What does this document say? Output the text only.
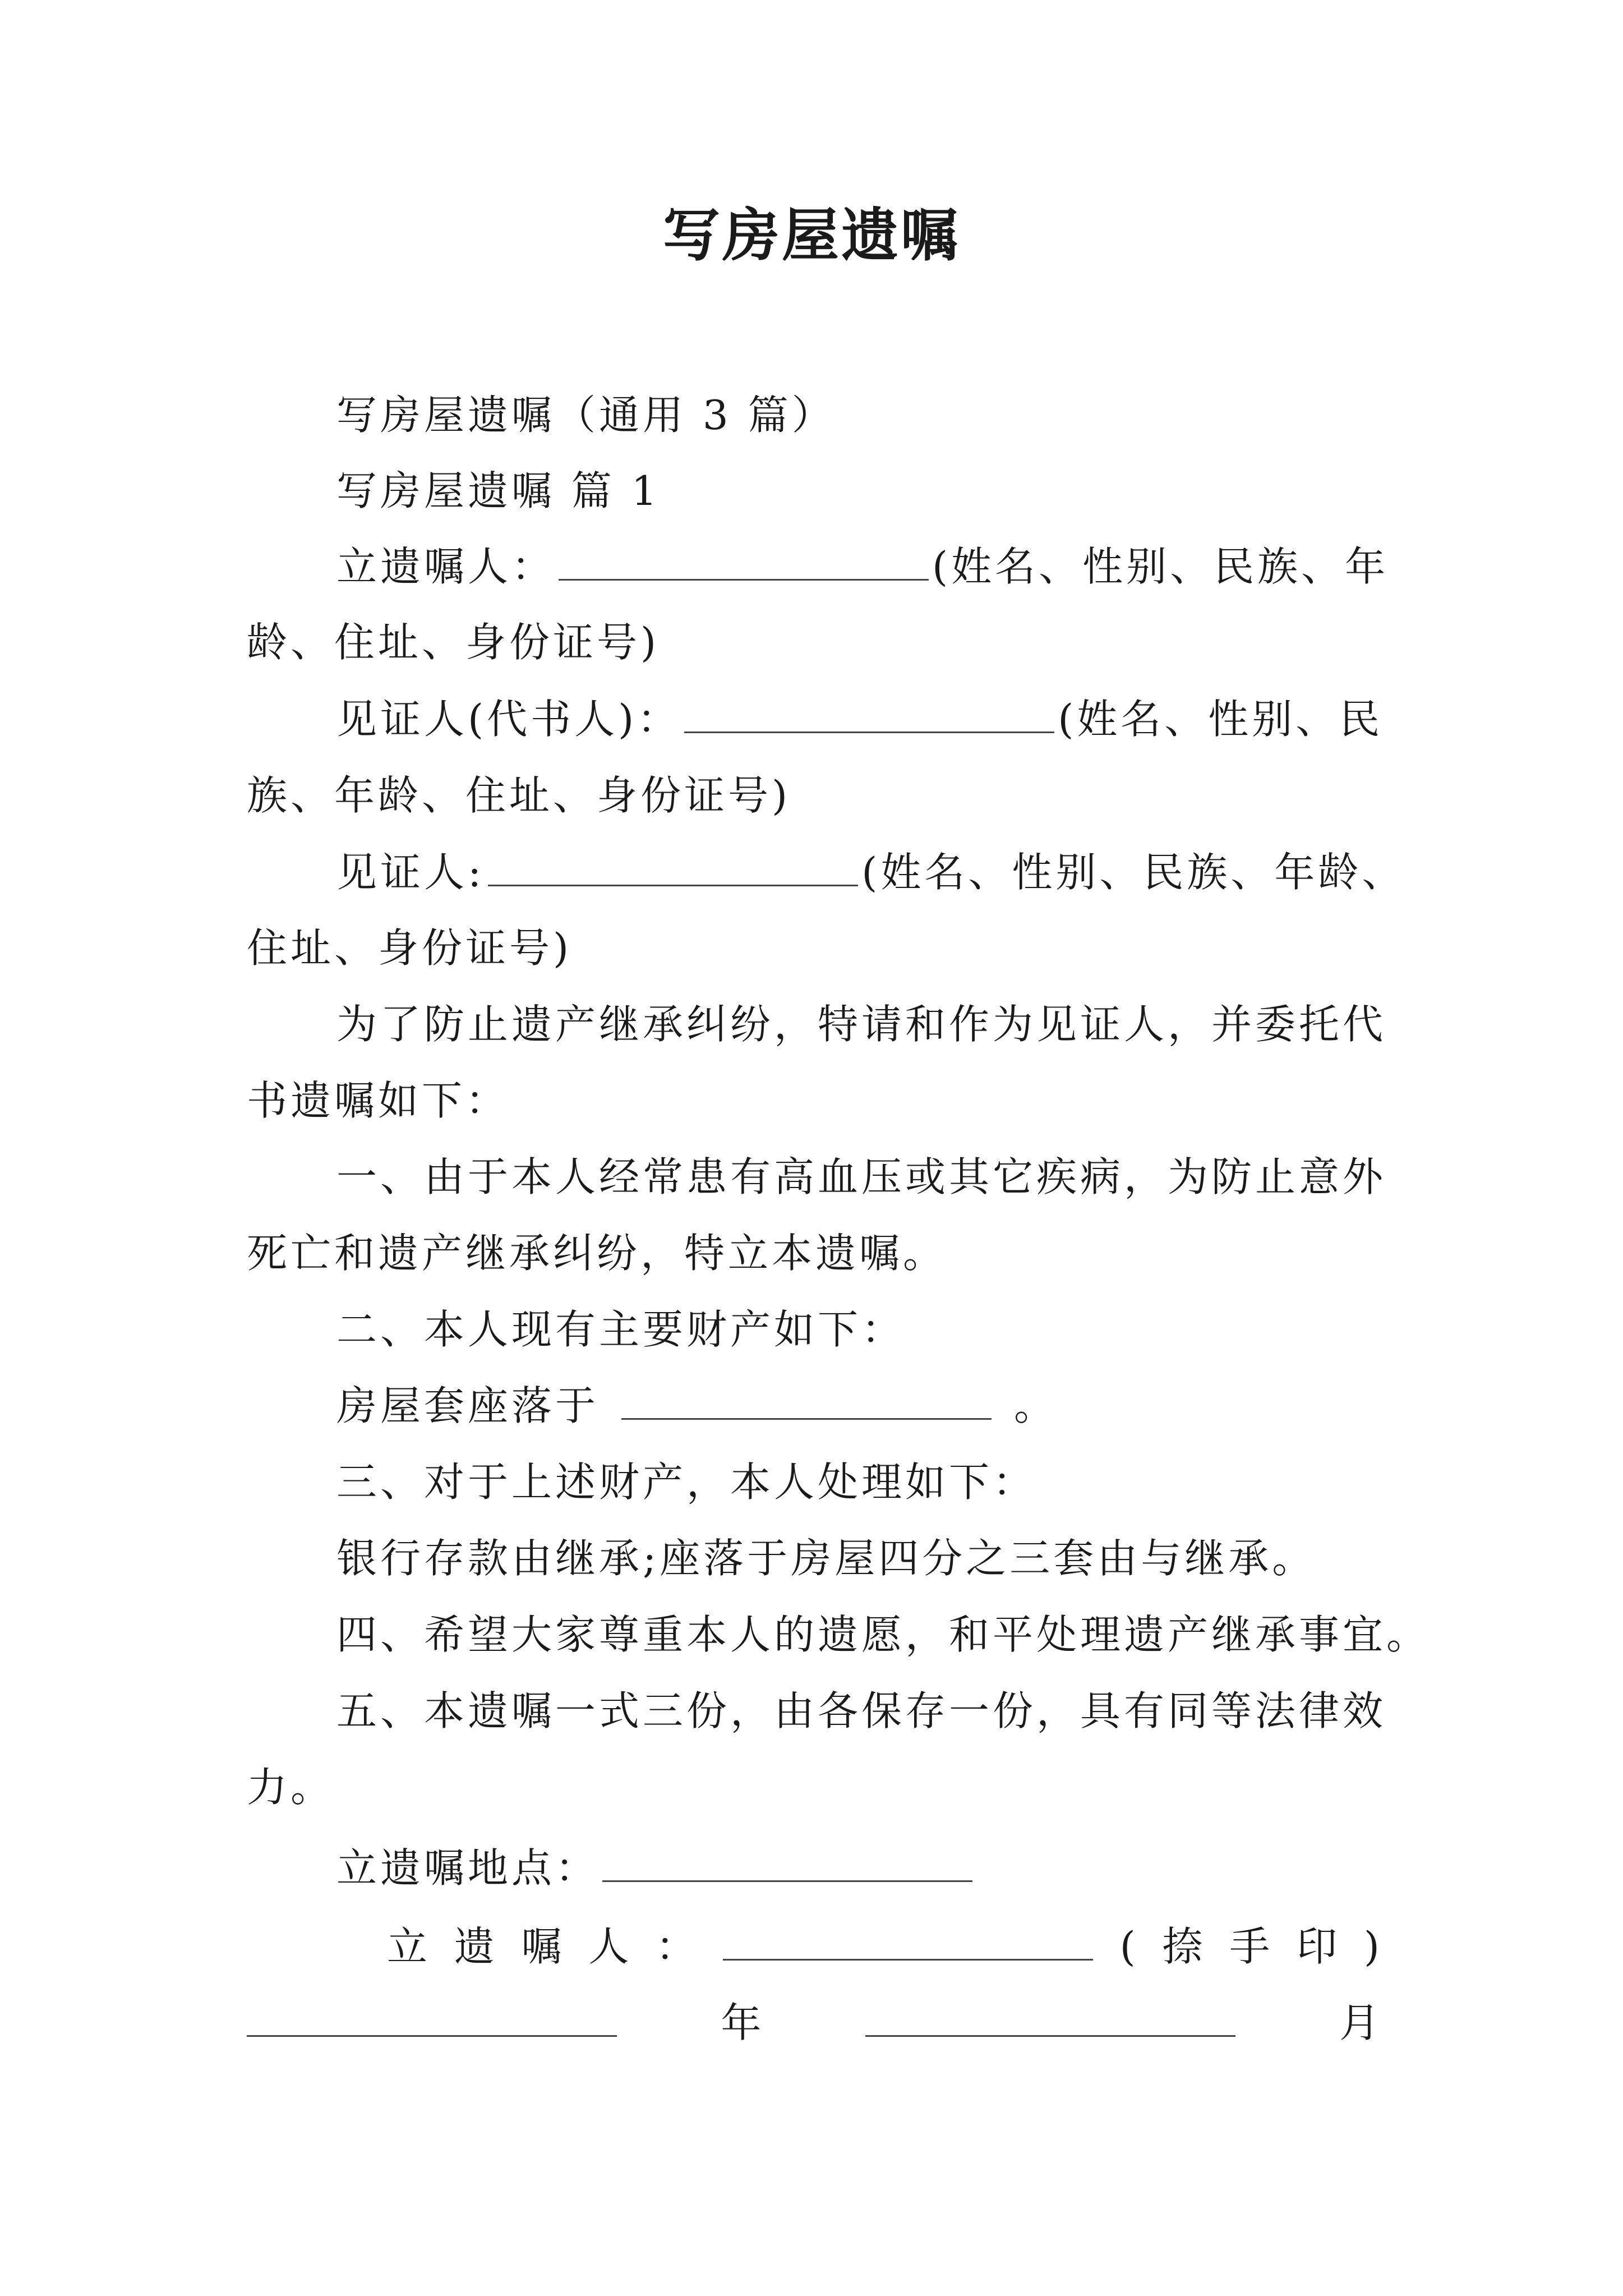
写房屋遗嘱
写房屋遗嘱（通用 3 篇）
写房屋遗嘱 篇 1
立遗嘱人：	(姓名、性别、民族、年
龄、住址、身份证号)
见证人(代书人)：	(姓名、性别、民
族、年龄、住址、身份证号)
见证人:	(姓名、性别、民族、年龄、
住址、身份证号)
为了防止遗产继承纠纷，特请和作为见证人，并委托代
书遗嘱如下：
一、由于本人经常患有高血压或其它疾病，为防止意外
死亡和遗产继承纠纷，特立本遗嘱。
二、本人现有主要财产如下：
房屋套座落于	。
三、对于上述财产，本人处理如下：
银行存款由继承;座落于房屋四分之三套由与继承。
四、希望大家尊重本人的遗愿，和平处理遗产继承事宜。
五、本遗嘱一式三份，由各保存一份，具有同等法律效
力。
立遗嘱地点：
立 遗 嘱 人 ：	( 捺 手 印 )
年	月
